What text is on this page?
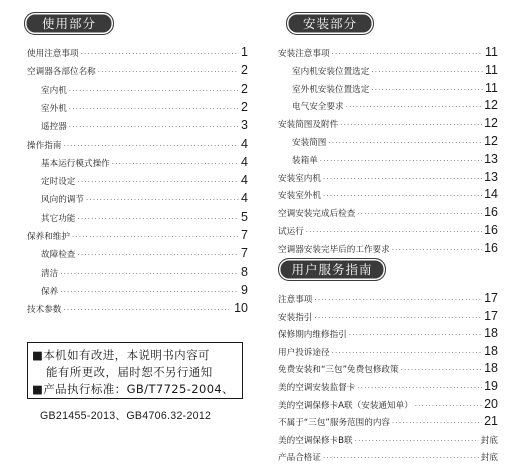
使用部分
使用注意事项 .....	1
空调器各部位名称 .....	2
室内机 .....	2
室外机 .....	2
遥控器 .....	3
操作指南 .....	4
基本运行模式操作 .....	4
定时设定 .....	4
风向的调节 .....	4
其它功能 .....	5
保养和维护 .....	7
故障检查 .....	7
清洁 .....	8
保养 .....	9
技术参数 .....	10
安装部分
安装注意事项 .....	11
室内机安装位置选定 .....	11
室外机安装位置选定 .....	11
电气安全要求 .....	12
安装简图及附件 .....	12
安装简图 .....	12
装箱单 .....	13
安装室内机 .....	13
安装室外机 .....	14
空调安装完成后检查 .....	16
试运行 .....	16
空调器安装完毕后的工作要求 .....	16
用户服务指南
注意事项 .....	17
安装指引 .....	17
保修期内维修指引 .....	18
用户投诉途径 .....	18
免费安装和“三包”免费包修政策 .....	18
美的空调安装监督卡 .....	19
美的空调保修卡A联（安装通知单） .....	20
不属于“三包”服务范围的内容 .....	21
美的空调保修卡B联 .....	封底
产品合格证 .....	封底
■本机如有改进，本说明书内容可
能有所更改，届时恕不另行通知
■产品执行标准：GB/T7725-2004、
GB21455-2013、GB4706.32-2012
